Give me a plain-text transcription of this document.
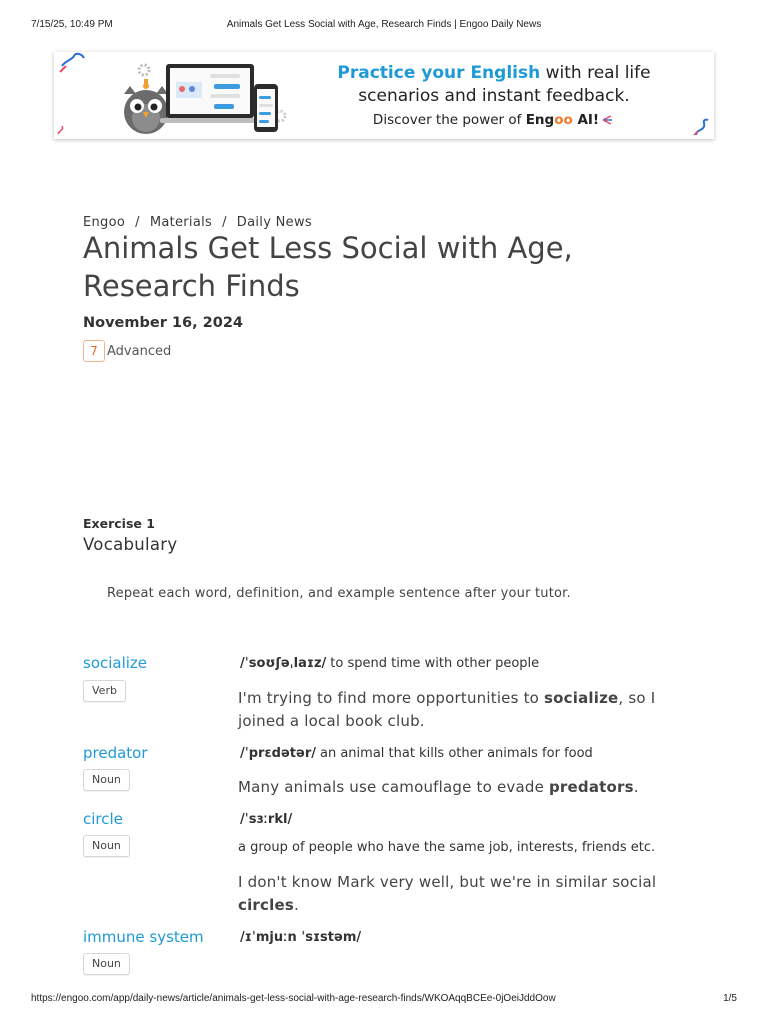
7/15/25, 10:49 PM	Animals Get Less Social with Age, Research Finds | Engoo Daily News
Practice your English with real life
scenarios and instant feedback.
Discover the power of Engoo AI!
Engoo / Materials / Daily News
Animals Get Less Social with Age, Research Finds
November 16, 2024
7 Advanced
Exercise 1
Vocabulary
Repeat each word, definition, and example sentence after your tutor.
socialize
Verb
/ˈsoʊʃəˌlaɪz/ to spend time with other people
I'm trying to find more opportunities to socialize, so I joined a local book club.
predator
Noun
/ˈprɛdətər/ an animal that kills other animals for food
Many animals use camouflage to evade predators.
circle
Noun
/ˈsɜːrkl/
a group of people who have the same job, interests, friends etc.
I don't know Mark very well, but we're in similar social circles.
immune system
Noun
/ɪˈmjuːn ˈsɪstəm/
https://engoo.com/app/daily-news/article/animals-get-less-social-with-age-research-finds/WKOAqqBCEe-0jOeiJddOow	1/5
